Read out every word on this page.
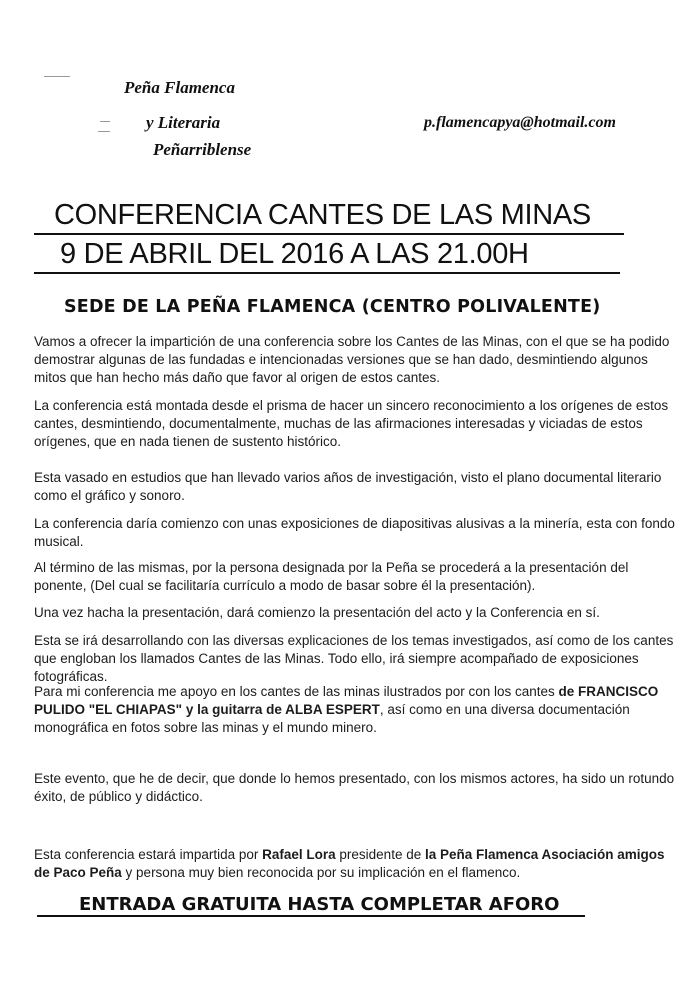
Peña Flamenca
y Literaria
Peñarriblense
p.flamencapya@hotmail.com
CONFERENCIA CANTES DE LAS MINAS
9 DE ABRIL DEL 2016 A LAS 21.00H
SEDE DE LA PEÑA FLAMENCA (CENTRO POLIVALENTE)
Vamos a ofrecer la impartición de una conferencia sobre los Cantes de las Minas, con el que se ha podido demostrar algunas de las fundadas e intencionadas versiones que se han dado, desmintiendo algunos mitos que han hecho más daño que favor al origen de estos cantes.
La conferencia está montada desde el prisma de hacer un sincero reconocimiento a los orígenes de estos cantes, desmintiendo, documentalmente, muchas de las afirmaciones interesadas y viciadas de estos orígenes, que en nada tienen de sustento histórico.
Esta vasado en estudios que han llevado varios años de investigación, visto el plano documental literario como el gráfico y sonoro.
La conferencia daría comienzo con unas exposiciones de diapositivas alusivas a la minería, esta con fondo musical.
Al término de las mismas, por la persona designada por la Peña se procederá a la presentación del ponente, (Del cual se facilitaría currículo a modo de basar sobre él la presentación).
Una vez hacha la presentación, dará comienzo la presentación del acto y la Conferencia en sí.
Esta se irá desarrollando con las diversas explicaciones de los temas investigados, así como de los cantes que engloban los llamados Cantes de las Minas. Todo ello, irá siempre acompañado de exposiciones fotográficas.
Para mi conferencia me apoyo en los cantes de las minas ilustrados por con los cantes de FRANCISCO PULIDO "EL CHIAPAS" y la guitarra de ALBA ESPERT, así como en una diversa documentación monográfica en fotos sobre las minas y el mundo minero.
Este evento, que he de decir, que donde lo hemos presentado, con los mismos actores, ha sido un rotundo éxito, de público y didáctico.
Esta conferencia estará impartida por Rafael Lora presidente de la Peña Flamenca Asociación amigos de Paco Peña y persona muy bien reconocida por su implicación en el flamenco.
ENTRADA GRATUITA HASTA COMPLETAR AFORO
